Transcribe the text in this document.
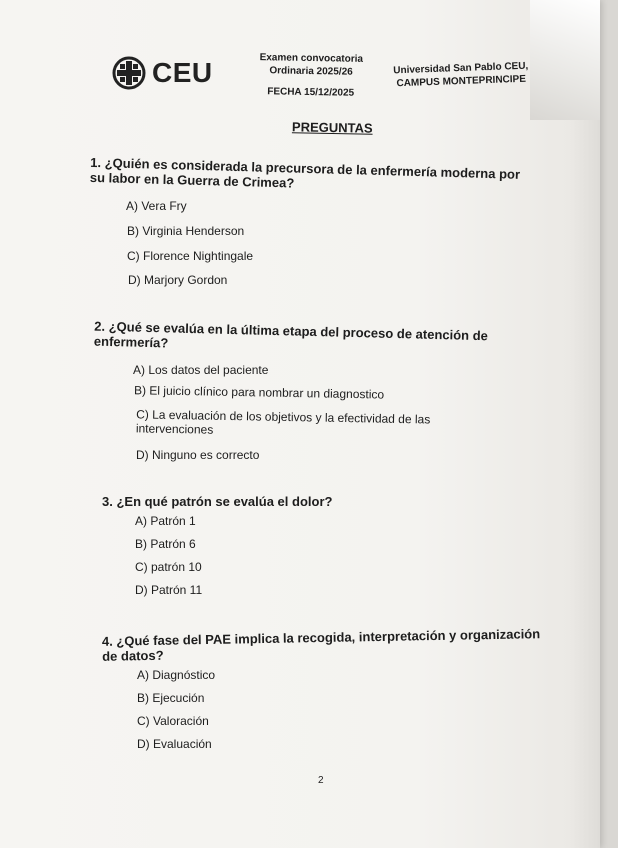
CEU	Examen convocatoria
Ordinaria 2025/26
FECHA 15/12/2025
Universidad San Pablo CEU,
CAMPUS MONTEPRINCIPE
PREGUNTAS
1. ¿Quién es considerada la precursora de la enfermería moderna por su labor en la Guerra de Crimea?
A) Vera Fry
B) Virginia Henderson
C) Florence Nightingale
D) Marjory Gordon
2. ¿Qué se evalúa en la última etapa del proceso de atención de enfermería?
A) Los datos del paciente
B) El juicio clínico para nombrar un diagnostico
C) La evaluación de los objetivos y la efectividad de las intervenciones
D) Ninguno es correcto
3. ¿En qué patrón se evalúa el dolor?
A) Patrón 1
B) Patrón 6
C) patrón 10
D) Patrón 11
4. ¿Qué fase del PAE implica la recogida, interpretación y organización de datos?
A) Diagnóstico
B) Ejecución
C) Valoración
D) Evaluación
2
